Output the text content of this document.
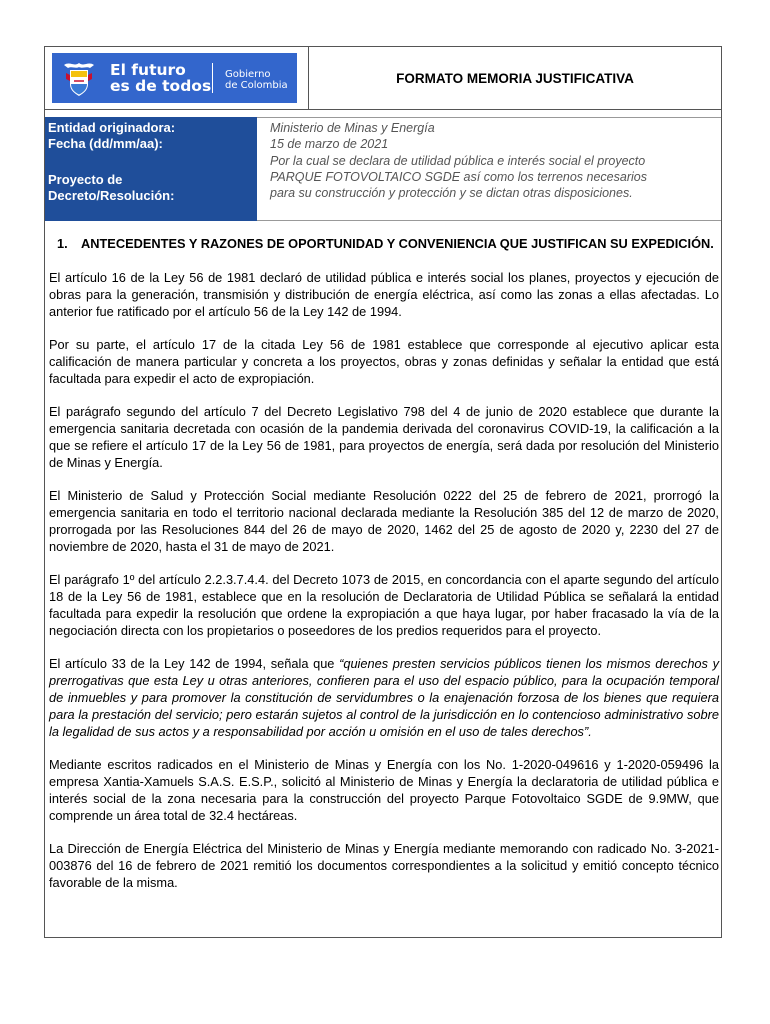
El futuro
es de todos
Gobierno
de Colombia	FORMATO MEMORIA JUSTIFICATIVA
Entidad originadora:
Fecha (dd/mm/aa):
Proyecto de
Decreto/Resolución:
Ministerio de Minas y Energía
15 de marzo de 2021
Por la cual se declara de utilidad pública e interés social el proyecto
PARQUE FOTOVOLTAICO SGDE así como los terrenos necesarios
para su construcción y protección y se dictan otras disposiciones.
1.	ANTECEDENTES Y RAZONES DE OPORTUNIDAD Y CONVENIENCIA QUE JUSTIFICAN SU EXPEDICIÓN.

El artículo 16 de la Ley 56 de 1981 declaró de utilidad pública e interés social los planes, proyectos y ejecución de obras para la generación, transmisión y distribución de energía eléctrica, así como las zonas a ellas afectadas. Lo anterior fue ratificado por el artículo 56 de la Ley 142 de 1994.

Por su parte, el artículo 17 de la citada Ley 56 de 1981 establece que corresponde al ejecutivo aplicar esta calificación de manera particular y concreta a los proyectos, obras y zonas definidas y señalar la entidad que está facultada para expedir el acto de expropiación.

El parágrafo segundo del artículo 7 del Decreto Legislativo 798 del 4 de junio de 2020 establece que durante la emergencia sanitaria decretada con ocasión de la pandemia derivada del coronavirus COVID-19, la calificación a la que se refiere el artículo 17 de la Ley 56 de 1981, para proyectos de energía, será dada por resolución del Ministerio de Minas y Energía.

El Ministerio de Salud y Protección Social mediante Resolución 0222 del 25 de febrero de 2021, prorrogó la emergencia sanitaria en todo el territorio nacional declarada mediante la Resolución 385 del 12 de marzo de 2020, prorrogada por las Resoluciones 844 del 26 de mayo de 2020, 1462 del 25 de agosto de 2020 y, 2230 del 27 de noviembre de 2020, hasta el 31 de mayo de 2021.

El parágrafo 1º del artículo 2.2.3.7.4.4. del Decreto 1073 de 2015, en concordancia con el aparte segundo del artículo 18 de la Ley 56 de 1981, establece que en la resolución de Declaratoria de Utilidad Pública se señalará la entidad facultada para expedir la resolución que ordene la expropiación a que haya lugar, por haber fracasado la vía de la negociación directa con los propietarios o poseedores de los predios requeridos para el proyecto.

El artículo 33 de la Ley 142 de 1994, señala que “quienes presten servicios públicos tienen los mismos derechos y prerrogativas que esta Ley u otras anteriores, confieren para el uso del espacio público, para la ocupación temporal de inmuebles y para promover la constitución de servidumbres o la enajenación forzosa de los bienes que requiera para la prestación del servicio; pero estarán sujetos al control de la jurisdicción en lo contencioso administrativo sobre la legalidad de sus actos y a responsabilidad por acción u omisión en el uso de tales derechos”.

Mediante escritos radicados en el Ministerio de Minas y Energía con los No. 1-2020-049616 y 1-2020-059496 la empresa Xantia-Xamuels S.A.S. E.S.P., solicitó al Ministerio de Minas y Energía la declaratoria de utilidad pública e interés social de la zona necesaria para la construcción del proyecto Parque Fotovoltaico SGDE de 9.9MW, que comprende un área total de 32.4 hectáreas.

La Dirección de Energía Eléctrica del Ministerio de Minas y Energía mediante memorando con radicado No. 3-2021-003876 del 16 de febrero de 2021 remitió los documentos correspondientes a la solicitud y emitió concepto técnico favorable de la misma.
